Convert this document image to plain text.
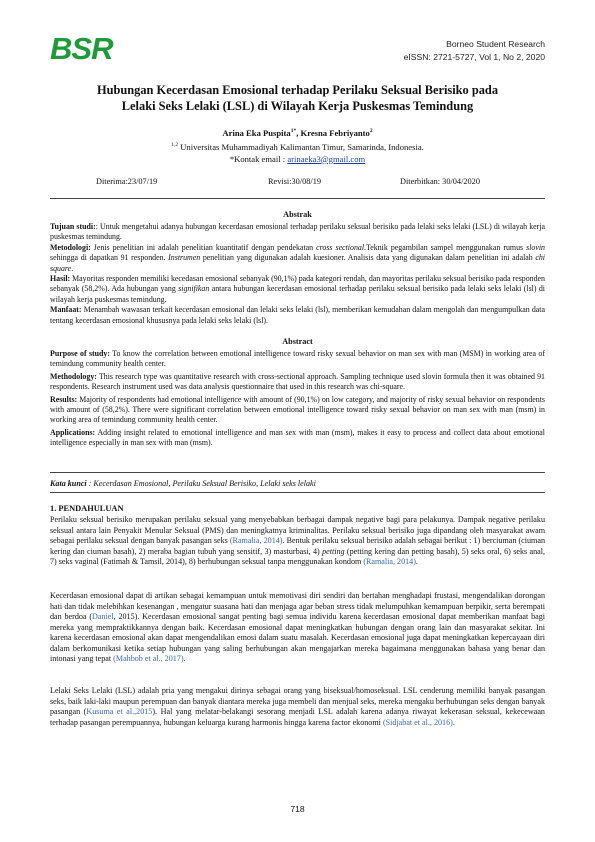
BSR	Borneo Student Research
eISSN: 2721-5727, Vol 1, No 2, 2020
Hubungan Kecerdasan Emosional terhadap Perilaku Seksual Berisiko pada
Lelaki Seks Lelaki (LSL) di Wilayah Kerja Puskesmas Temindung
Arina Eka Puspita$^{1*}$, Kresna Febriyanto$^2$
$^{1,2}$ Universitas Muhammadiyah Kalimantan Timur, Samarinda, Indonesia.
*Kontak email : arinaeka3@gmail.com
Diterima:23/07/19	Revisi:30/08/19	Diterbitkan: 30/04/2020
Abstrak

Tujuan studi:: Untuk mengetahui adanya hubungan kecerdasan emosional terhadap perilaku seksual berisiko pada lelaki seks lelaki (LSL) di wilayah kerja puskesmas temindung.

Metodologi: Jenis penelitian ini adalah penelitian kuantitatif dengan pendekatan cross sectional.Teknik pegambilan sampel menggunakan rumus slovin sehingga di dapatkan 91 responden. Instrumen penelitian yang digunakan adalah kuesioner. Analisis data yang digunakan dalam penelitian ini adalah chi square.

Hasil: Mayoritas responden memiliki kecedasan emosional sebanyak (90,1%) pada kategori rendah, dan mayoritas perilaku seksual berisiko pada responden sebanyak (58,2%). Ada hubungan yang signifikan antara hubungan kecerdasan emosional terhadap perilaku seksual berisiko pada lelaki seks lelaki (lsl) di wilayah kerja puskesmas temindung.

Manfaat: Menambah wawasan terkait kecerdasan emosional dan lelaki seks lelaki (lsl), memberikan kemudahan dalam mengolah dan mengumpulkan data tentang kecerdasan emosional khususnya pada lelaki seks lelaki (lsl).

Abstract

Purpose of study: To know the correlation between emotional intelligence toward risky sexual behavior on man sex with man (MSM) in working area of temindung community health center.

Methodology: This research type was quantitative research with cross-sectional approach. Sampling technique used slovin formula then it was obtained 91 respondents. Research instrument used was data analysis questionnaire that used in this research was chi-square.

Results: Majority of respondents had emotional intelligence with amount of (90,1%) on low category, and majority of risky sexual behavior on respondents with amount of (58,2%). There were significant correlation between emotional intelligence toward risky sexual behavior on man sex with man (msm) in working area of temindung community health center.

Applications: Adding insight related to emotional intelligence and man sex with man (msm), makes it easy to process and collect data about emotional intelligence especially in man sex with man (msm).

Kata kunci : Kecerdasan Emosional, Perilaku Seksual Berisiko, Lelaki seks lelaki
1. PENDAHULUAN

Perilaku seksual berisiko merupakan perilaku seksual yang menyebabkan berbagai dampak negative bagi para pelakunya. Dampak negative perilaku seksual antara lain Penyakit Menular Seksual (PMS) dan meningkatnya kriminalitas. Perilaku seksual berisiko juga dipandang oleh masyarakat awam sebagai perilaku seksual dengan banyak pasangan seks (Ramalia, 2014). Bentuk perilaku seksual berisiko adalah sebagai berikut : 1) berciuman (ciuman kering dan ciuman basah), 2) meraba bagian tubuh yang sensitif, 3) masturbasi, 4) petting (petting kering dan petting basah), 5) seks oral, 6) seks anal, 7) seks vaginal (Fatimah & Tamsil, 2014), 8) berhubungan seksual tanpa menggunakan kondom (Ramalia, 2014).

Kecerdasan emosional dapat di artikan sebagai kemampuan untuk memotivasi diri sendiri dan bertahan menghadapi frustasi, mengendalikan dorongan hati dan tidak melebihkan kesenangan , mengatur suasana hati dan menjaga agar beban stress tidak melumpuhkan kemampuan berpikir, serta berempati dan berdoa (Daniel, 2015). Kecerdasan emosional sangat penting bagi semua individu karena kecerdasan emosional dapat memberikan manfaat bagi mereka yang mempraktikkannya dengan baik. Kecerdasan emosional dapat meningkatkan hubungan dengan orang lain dan masyarakat sekitar. Ini karena kecerdasan emosional akan dapat mengendalikan emosi dalam suatu masalah. Kecerdasan emosional juga dapat meningkatkan kepercayaan diri dalam berkomunikasi ketika setiap hubungan yang saling berhubungan akan mengajarkan mereka bagaimana menggunakan bahasa yang benar dan intonasi yang tepat (Mahbob et al., 2017).

Lelaki Seks Lelaki (LSL) adalah pria yang mengakui dirinya sebagai orang yang biseksual/homoseksual. LSL cenderung memiliki banyak pasangan seks, baik laki-laki maupun perempuan dan banyak diantara mereka juga membeli dan menjual seks, mereka mengaku berhubungan seks dengan banyak pasangan (Kusuma et al.,2015). Hal yang melatar-belakangi sesorang menjadi LSL adalah karena adanya riwayat kekerasan seksual, kekecewaan terhadap pasangan perempuannya, hubungan keluarga kurang harmonis hingga karena factor ekonomi (Sidjabat et al., 2016).

718
